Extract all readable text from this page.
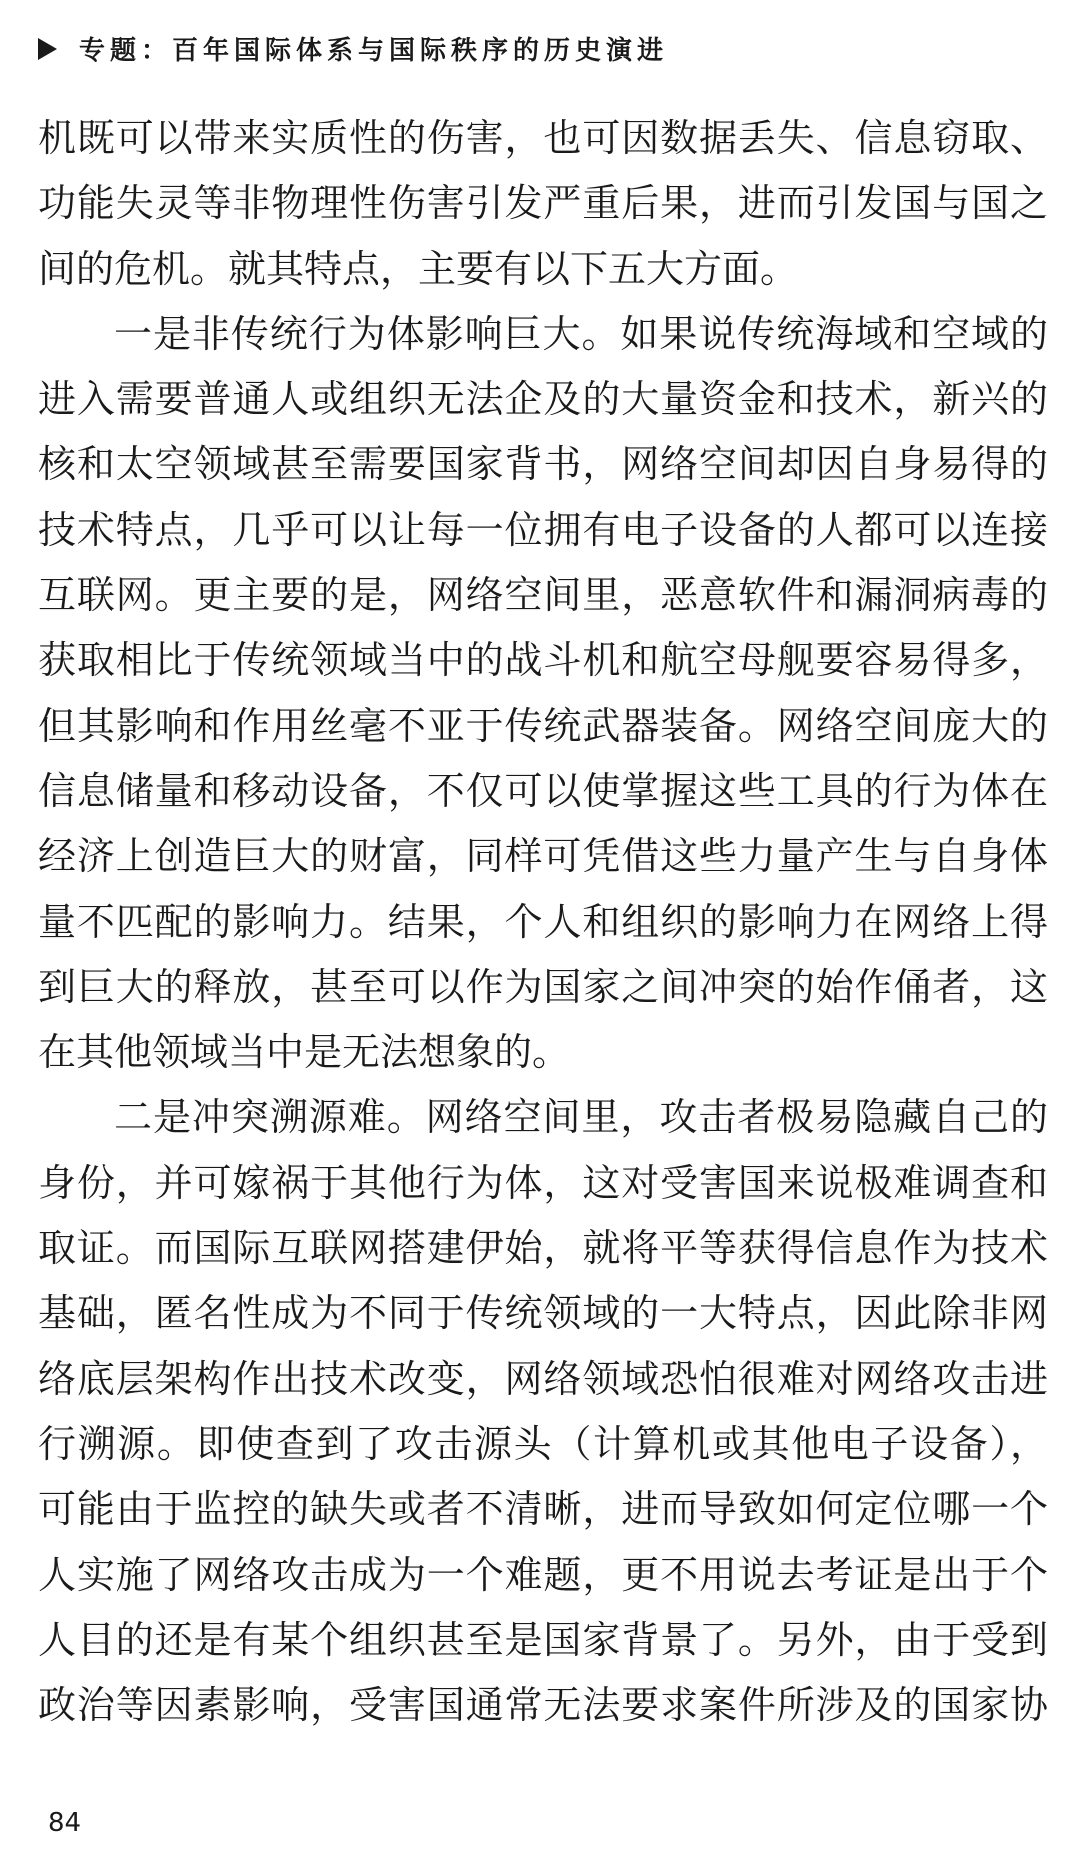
专题：百年国际体系与国际秩序的历史演进
机既可以带来实质性的伤害，也可因数据丢失、信息窃取、
功能失灵等非物理性伤害引发严重后果，进而引发国与国之
间的危机。就其特点，主要有以下五大方面。
一是非传统行为体影响巨大。如果说传统海域和空域的
进入需要普通人或组织无法企及的大量资金和技术，新兴的
核和太空领域甚至需要国家背书，网络空间却因自身易得的
技术特点，几乎可以让每一位拥有电子设备的人都可以连接
互联网。更主要的是，网络空间里，恶意软件和漏洞病毒的
获取相比于传统领域当中的战斗机和航空母舰要容易得多，
但其影响和作用丝毫不亚于传统武器装备。网络空间庞大的
信息储量和移动设备，不仅可以使掌握这些工具的行为体在
经济上创造巨大的财富，同样可凭借这些力量产生与自身体
量不匹配的影响力。结果，个人和组织的影响力在网络上得
到巨大的释放，甚至可以作为国家之间冲突的始作俑者，这
在其他领域当中是无法想象的。
二是冲突溯源难。网络空间里，攻击者极易隐藏自己的
身份，并可嫁祸于其他行为体，这对受害国来说极难调查和
取证。而国际互联网搭建伊始，就将平等获得信息作为技术
基础，匿名性成为不同于传统领域的一大特点，因此除非网
络底层架构作出技术改变，网络领域恐怕很难对网络攻击进
行溯源。即使查到了攻击源头（计算机或其他电子设备），
可能由于监控的缺失或者不清晰，进而导致如何定位哪一个
人实施了网络攻击成为一个难题，更不用说去考证是出于个
人目的还是有某个组织甚至是国家背景了。另外，由于受到
政治等因素影响，受害国通常无法要求案件所涉及的国家协
84
